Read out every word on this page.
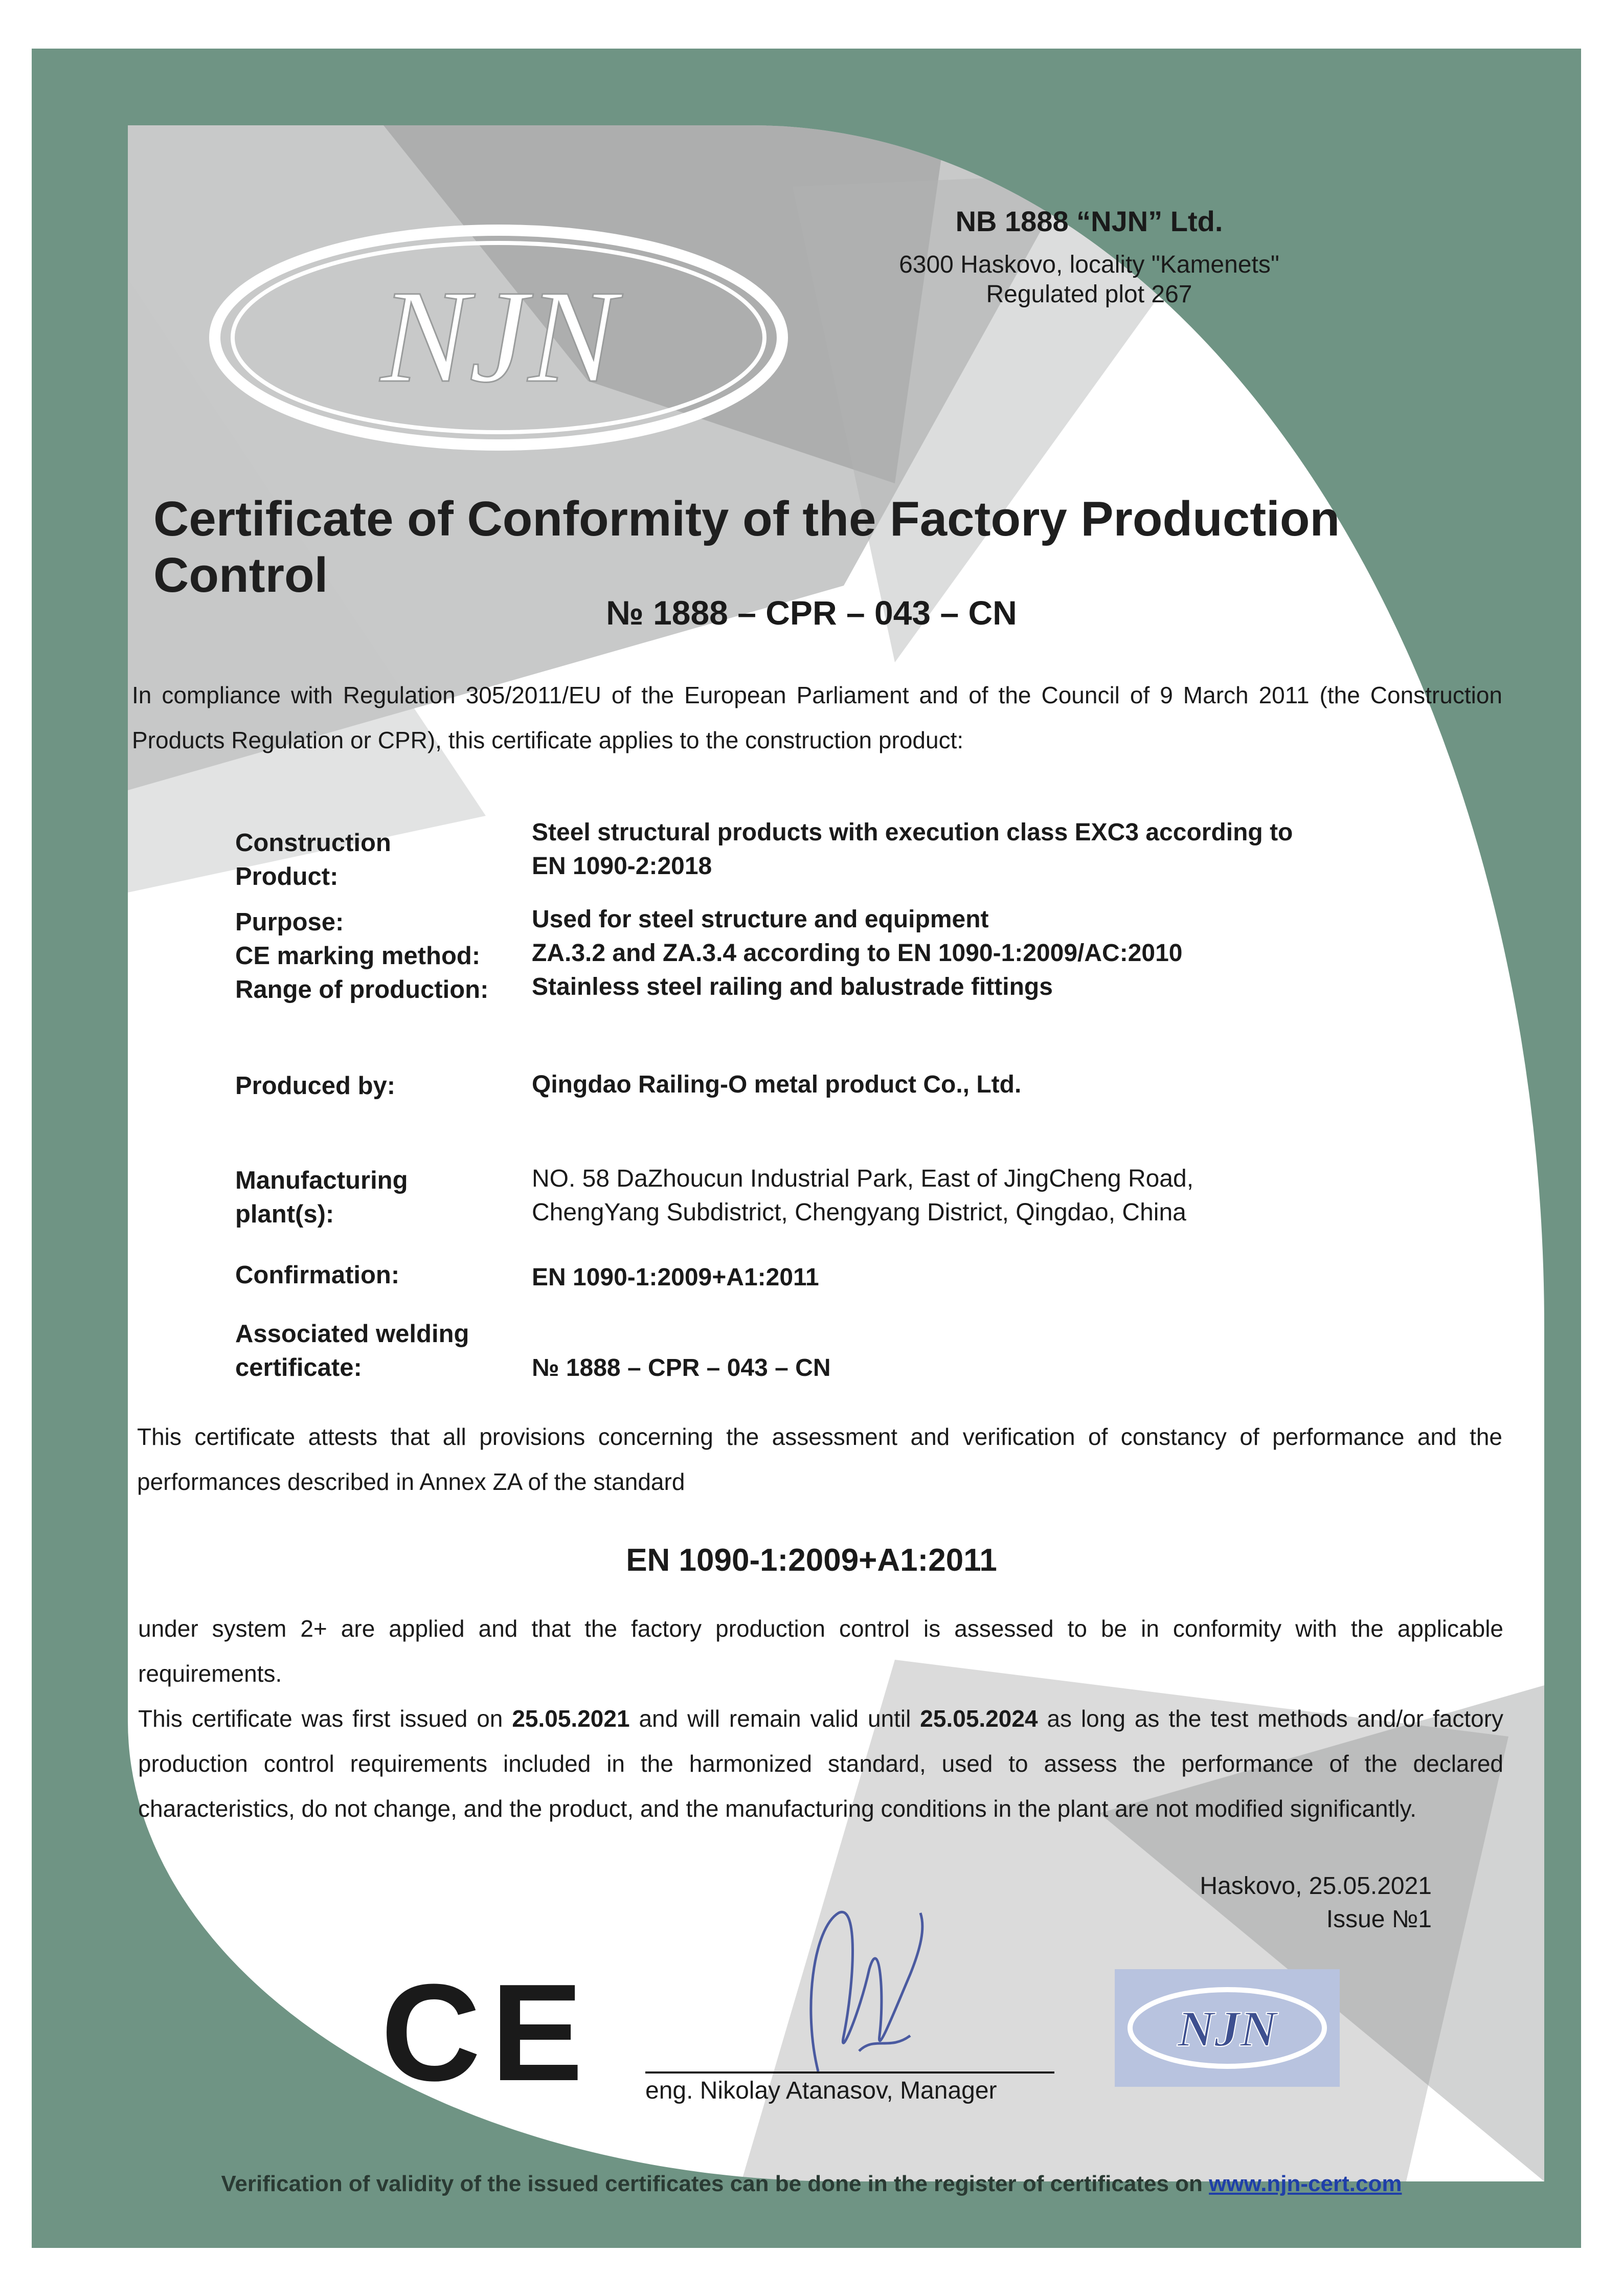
NJN
NB 1888 “NJN” Ltd.
6300 Haskovo, locality "Kamenets"
Regulated plot 267
Certificate of Conformity of the Factory Production Control
№ 1888 – CPR – 043 – CN
In compliance with Regulation 305/2011/EU of the European Parliament and of the Council of 9 March 2011 (the Construction Products Regulation or CPR), this certificate applies to the construction product:
Construction
Product:
Steel structural products with execution class EXC3 according to
EN 1090-2:2018
Purpose:	Used for steel structure and equipment
CE marking method:	ZA.3.2 and ZA.3.4 according to EN 1090-1:2009/AC:2010
Range of production:	Stainless steel railing and balustrade fittings
Produced by:	Qingdao Railing-O metal product Co., Ltd.
Manufacturing
plant(s):
NO. 58 DaZhoucun Industrial Park, East of JingCheng Road,
ChengYang Subdistrict, Chengyang District, Qingdao, China
Confirmation:	EN 1090-1:2009+A1:2011
Associated welding
certificate:	№ 1888 – CPR – 043 – CN
This certificate attests that all provisions concerning the assessment and verification of constancy of performance and the performances described in Annex ZA of the standard
EN 1090-1:2009+A1:2011
under system 2+ are applied and that the factory production control is assessed to be in conformity with the applicable requirements.
This certificate was first issued on 25.05.2021 and will remain valid until 25.05.2024 as long as the test methods and/or factory production control requirements included in the harmonized standard, used to assess the performance of the declared characteristics, do not change, and the product, and the manufacturing conditions in the plant are not modified significantly.
Haskovo, 25.05.2021
Issue №1
CE eng. Nikolay Atanasov, Manager
NJN
Verification of validity of the issued certificates can be done in the register of certificates on www.njn-cert.com
